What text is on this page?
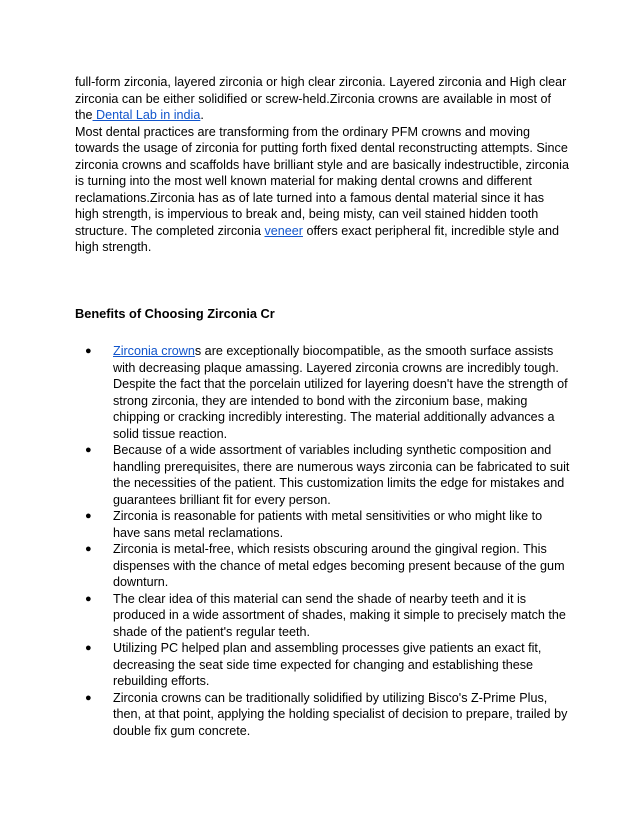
full-form zirconia, layered zirconia or high clear zirconia. Layered zirconia and High clear zirconia can be either solidified or screw-held.Zirconia crowns are available in most of the Dental Lab in india.

Most dental practices are transforming from the ordinary PFM crowns and moving towards the usage of zirconia for putting forth fixed dental reconstructing attempts. Since zirconia crowns and scaffolds have brilliant style and are basically indestructible, zirconia is turning into the most well known material for making dental crowns and different reclamations.Zirconia has as of late turned into a famous dental material since it has high strength, is impervious to break and, being misty, can veil stained hidden tooth structure. The completed zirconia veneer offers exact peripheral fit, incredible style and high strength.

Benefits of Choosing Zirconia Cr
● Zirconia crowns are exceptionally biocompatible, as the smooth surface assists with decreasing plaque amassing. Layered zirconia crowns are incredibly tough. Despite the fact that the porcelain utilized for layering doesn't have the strength of strong zirconia, they are intended to bond with the zirconium base, making chipping or cracking incredibly interesting. The material additionally advances a solid tissue reaction.
● Because of a wide assortment of variables including synthetic composition and handling prerequisites, there are numerous ways zirconia can be fabricated to suit the necessities of the patient. This customization limits the edge for mistakes and guarantees brilliant fit for every person.
● Zirconia is reasonable for patients with metal sensitivities or who might like to have sans metal reclamations.
● Zirconia is metal-free, which resists obscuring around the gingival region. This dispenses with the chance of metal edges becoming present because of the gum downturn.
● The clear idea of this material can send the shade of nearby teeth and it is produced in a wide assortment of shades, making it simple to precisely match the shade of the patient's regular teeth.
● Utilizing PC helped plan and assembling processes give patients an exact fit, decreasing the seat side time expected for changing and establishing these rebuilding efforts.
● Zirconia crowns can be traditionally solidified by utilizing Bisco's Z-Prime Plus, then, at that point, applying the holding specialist of decision to prepare, trailed by double fix gum concrete.
